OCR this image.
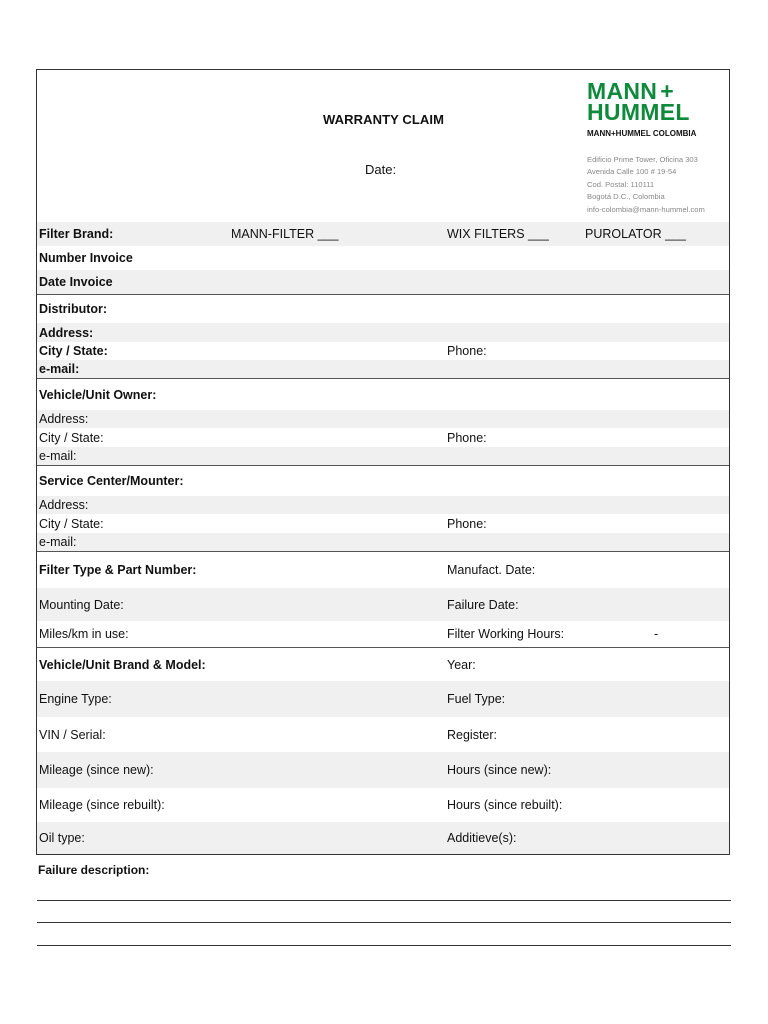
WARRANTY CLAIM
Date:
MANN +
HUMMEL
MANN+HUMMEL COLOMBIA
Edificio Prime Tower, Oficina 303
Avenida Calle 100 # 19-54
Cod. Postal: 110111
Bogotá D.C., Colombia
info-colombia@mann-hummel.com
Filter Brand:	MANN-FILTER ___	WIX FILTERS ___	PUROLATOR ___
Number Invoice
Date Invoice
Distributor:
Address:
City / State:	Phone:
e-mail:
Vehicle/Unit Owner:
Address:
City / State:	Phone:
e-mail:
Service Center/Mounter:
Address:
City / State:	Phone:
e-mail:
Filter Type & Part Number:	Manufact. Date:
Mounting Date:	Failure Date:
Miles/km in use:	Filter Working Hours:	-
Vehicle/Unit Brand & Model:	Year:
Engine Type:	Fuel Type:
VIN / Serial:	Register:
Mileage (since new):	Hours (since new):
Mileage (since rebuilt):	Hours (since rebuilt):
Oil type:	Additieve(s):
Failure description:
